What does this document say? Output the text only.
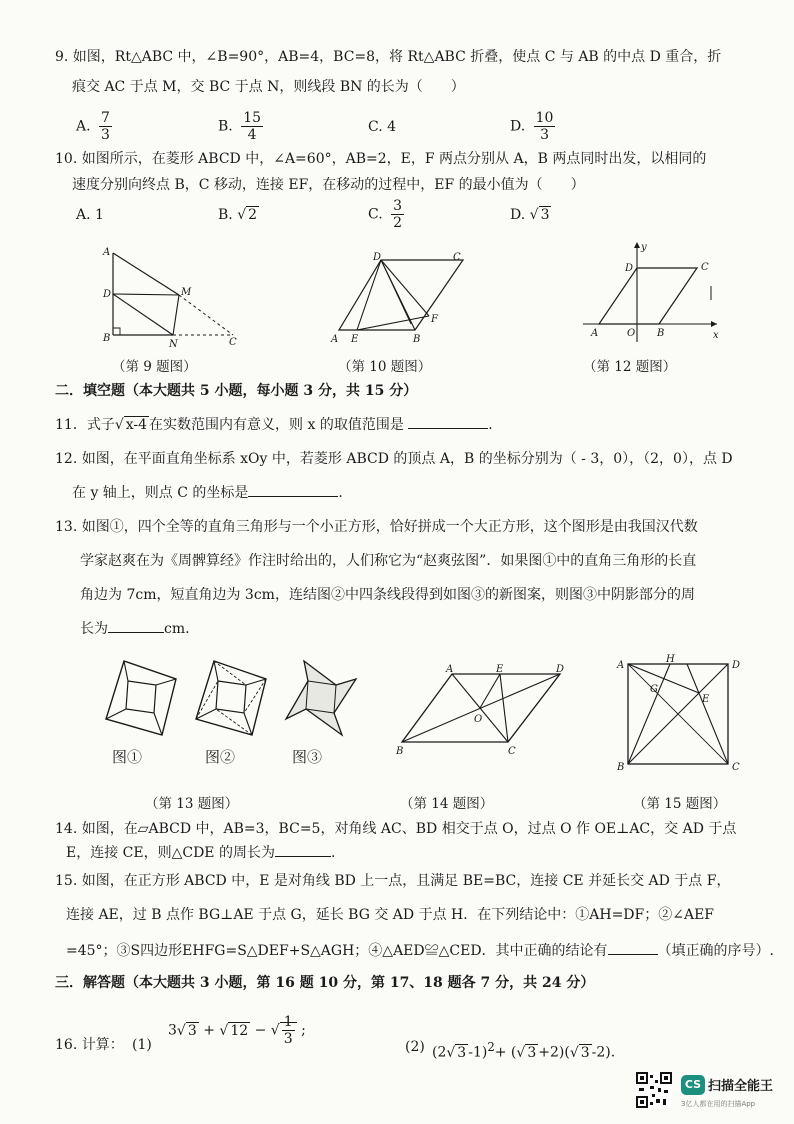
9. 如图，Rt△ABC 中，∠B=90°，AB=4，BC=8，将 Rt△ABC 折叠，使点 C 与 AB 的中点 D 重合，折
痕交 AC 于点 M，交 BC 于点 N，则线段 BN 的长为（　　）
A. $\frac{7}{3}$	B. $\frac{15}{4}$	C. 4	D. $\frac{10}{3}$
10. 如图所示，在菱形 ABCD 中，∠A=60°，AB=2，E，F 两点分别从 A，B 两点同时出发，以相同的
速度分别向终点 B，C 移动，连接 EF，在移动的过程中，EF 的最小值为（　　）
A. 1	B. √ 2	C. $\frac{3}{2}$	D. √ 3
A
D
B
M
N	C
（第 9 题图）
D	C
A E	B
F
（第 10 题图）
y
D	C
A	O B	x
（第 12 题图）
二．填空题（本大题共 5 小题，每小题 3 分，共 15 分）
11．式子√ x-4 在实数范围内有意义，则 x 的取值范围是	.
12. 如图，在平面直角坐标系 xOy 中，若菱形 ABCD 的顶点 A，B 的坐标分别为（ - 3，0），（2，0），点 D
在 y 轴上，则点 C 的坐标是	.
13. 如图①，四个全等的直角三角形与一个小正方形，恰好拼成一个大正方形，这个图形是由我国汉代数
学家赵爽在为《周髀算经》作注时给出的，人们称它为“赵爽弦图”．如果图①中的直角三角形的长直
角边为 7cm，短直角边为 3cm，连结图②中四条线段得到如图③的新图案，则图③中阴影部分的周
长为	cm.
图①	图②	图③
（第 13 题图）
A	E	D
O
B	C
（第 14 题图）
A
H
D
G
E
B	C
（第 15 题图）
14. 如图，在▱ABCD 中，AB=3，BC=5，对角线 AC、BD 相交于点 O，过点 O 作 OE⊥AC，交 AD 于点
E，连接 CE，则△CDE 的周长为	.
15. 如图，在正方形 ABCD 中，E 是对角线 BD 上一点，且满足 BE=BC，连接 CE 并延长交 AD 于点 F，
连接 AE，过 B 点作 BG⊥AE 于点 G，延长 BG 交 AD 于点 H．在下列结论中：①AH=DF；②∠AEF
=45°；③S四边形EHFG=S△DEF+S△AGH；④△AED≌△CED．其中正确的结论有	（填正确的序号）.
三．解答题（本大题共 3 小题，第 16 题 10 分，第 17、18 题各 7 分，共 24 分）
16. 计算： (1)
3√ 3 + √ 12 − √ $\frac{1}{3}$ ;
(2) (2√ 3 -1)$^2$+ (√ 3 +2)(√ 3 -2).
CS 扫描全能王
3亿人都在用的扫描App
